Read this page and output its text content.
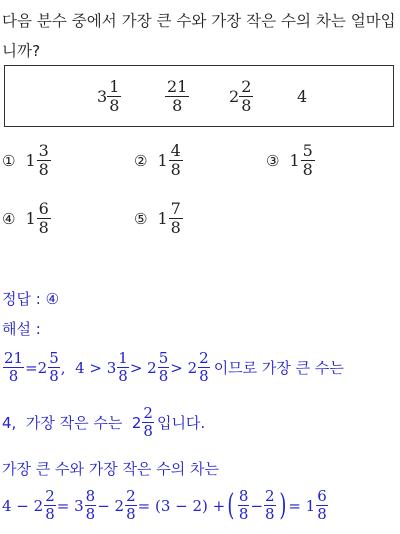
다음 분수 중에서 가장 큰 수와 가장 작은 수의 차는 얼마입니까?
$3 \frac{1}{8}$	$\frac{21}{8} 2 \frac{2}{8}$	4
① $1 \frac{3}{8}$	② $1 \frac{4}{8}$	③ $1 \frac{5}{8}$
④ $1 \frac{6}{8}$	⑤ $1 \frac{7}{8}$
정답 : ④
해설 :
$\frac{21}{8} =2 \frac{5}{8}$ ,  $4 > 3 \frac{1}{8} > 2 \frac{5}{8} > 2 \frac{2}{8}$ 이므로 가장 큰 수는
4,  가장 작은 수는  $2 \frac{2}{8}$ 입니다.
가장 큰 수와 가장 작은 수의 차는
$4 - 2 \frac{2}{8} = 3 \frac{8}{8} - 2 \frac{2}{8} = (3 - 2)$ + ( $\frac{8}{8} - \frac{2}{8}$ ) = $1 \frac{6}{8}$
